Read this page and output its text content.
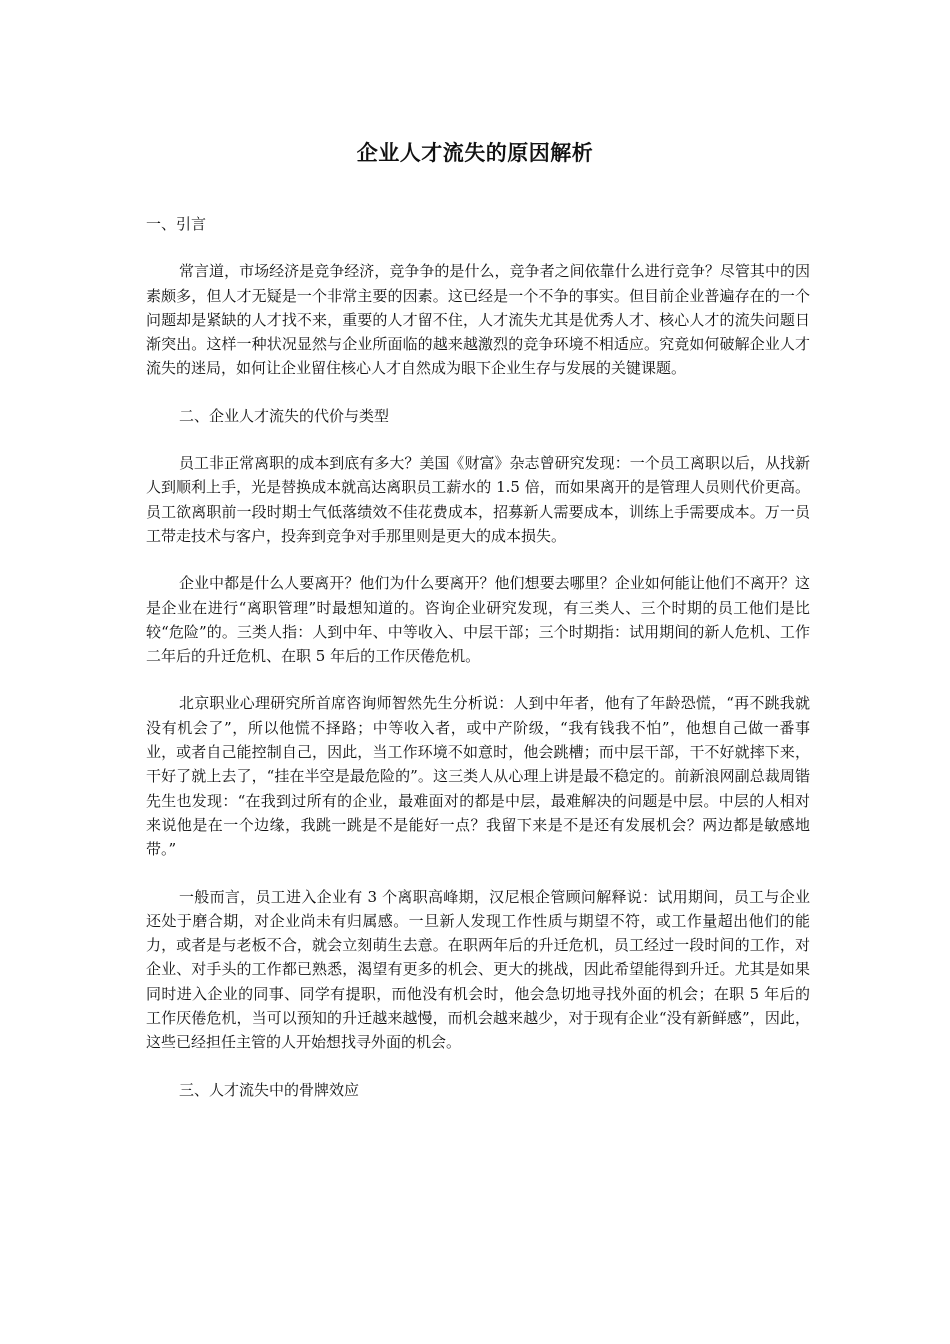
企业人才流失的原因解析
一、引言

常言道，市场经济是竞争经济，竞争争的是什么，竞争者之间依靠什么进行竞争？尽管其中的因素颇多，但人才无疑是一个非常主要的因素。这已经是一个不争的事实。但目前企业普遍存在的一个问题却是紧缺的人才找不来，重要的人才留不住，人才流失尤其是优秀人才、核心人才的流失问题日渐突出。这样一种状况显然与企业所面临的越来越激烈的竞争环境不相适应。究竟如何破解企业人才流失的迷局，如何让企业留住核心人才自然成为眼下企业生存与发展的关键课题。

二、企业人才流失的代价与类型

员工非正常离职的成本到底有多大？美国《财富》杂志曾研究发现：一个员工离职以后，从找新人到顺利上手，光是替换成本就高达离职员工薪水的 1.5 倍，而如果离开的是管理人员则代价更高。员工欲离职前一段时期士气低落绩效不佳花费成本，招募新人需要成本，训练上手需要成本。万一员工带走技术与客户，投奔到竞争对手那里则是更大的成本损失。

企业中都是什么人要离开？他们为什么要离开？他们想要去哪里？企业如何能让他们不离开？这是企业在进行“离职管理”时最想知道的。咨询企业研究发现，有三类人、三个时期的员工他们是比较“危险”的。三类人指：人到中年、中等收入、中层干部；三个时期指：试用期间的新人危机、工作二年后的升迁危机、在职 5 年后的工作厌倦危机。

北京职业心理研究所首席咨询师智然先生分析说：人到中年者，他有了年龄恐慌，“再不跳我就没有机会了”，所以他慌不择路；中等收入者，或中产阶级，“我有钱我不怕”，他想自己做一番事业，或者自己能控制自己，因此，当工作环境不如意时，他会跳槽；而中层干部，干不好就摔下来，干好了就上去了，“挂在半空是最危险的”。这三类人从心理上讲是最不稳定的。前新浪网副总裁周锴先生也发现：“在我到过所有的企业，最难面对的都是中层，最难解决的问题是中层。中层的人相对来说他是在一个边缘，我跳一跳是不是能好一点？我留下来是不是还有发展机会？两边都是敏感地带。”

一般而言，员工进入企业有 3 个离职高峰期，汉尼根企管顾问解释说：试用期间，员工与企业还处于磨合期，对企业尚未有归属感。一旦新人发现工作性质与期望不符，或工作量超出他们的能力，或者是与老板不合，就会立刻萌生去意。在职两年后的升迁危机，员工经过一段时间的工作，对企业、对手头的工作都已熟悉，渴望有更多的机会、更大的挑战，因此希望能得到升迁。尤其是如果同时进入企业的同事、同学有提职，而他没有机会时，他会急切地寻找外面的机会；在职 5 年后的工作厌倦危机，当可以预知的升迁越来越慢，而机会越来越少，对于现有企业“没有新鲜感”，因此，这些已经担任主管的人开始想找寻外面的机会。

三、人才流失中的骨牌效应
